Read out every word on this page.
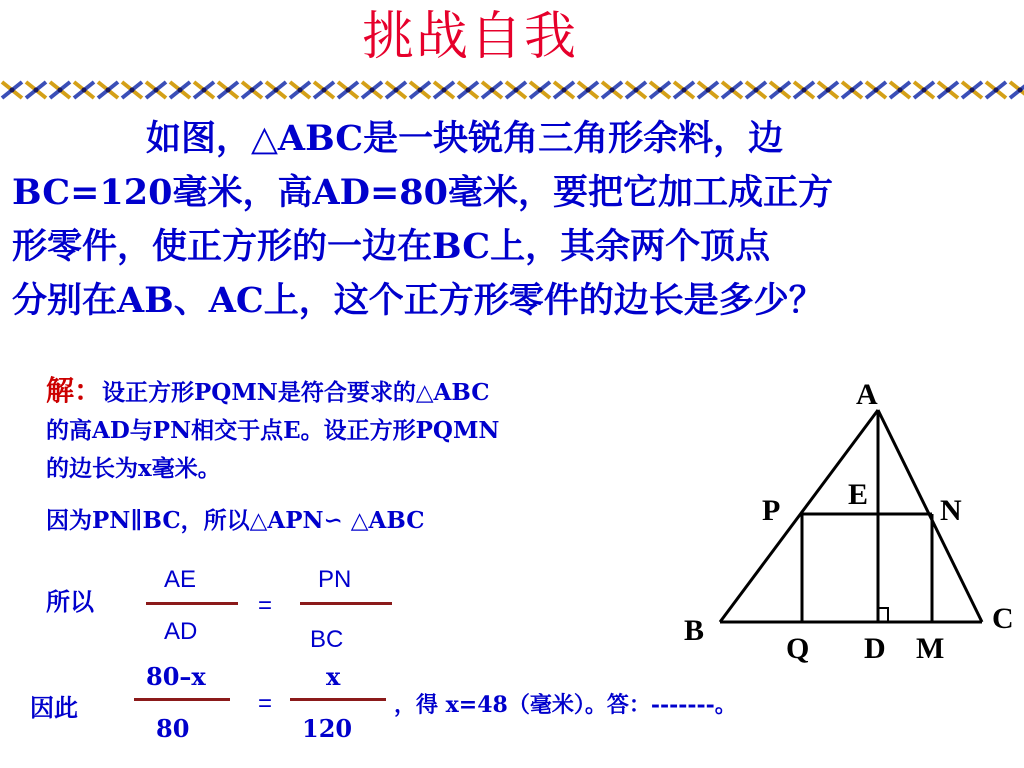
挑战自我
如图，△ABC是一块锐角三角形余料，边
BC=120毫米，高AD=80毫米，要把它加工成正方
形零件，使正方形的一边在BC上，其余两个顶点
分别在AB、AC上，这个正方形零件的边长是多少？
解：设正方形PQMN是符合要求的△ABC
的高AD与PN相交于点E。设正方形PQMN
的边长为x毫米。
因为PN∥BC，所以△APN∽ △ABC
所以
AE
AD
=
PN
BC
因此
80–x
80
=
x
120
，得 x=48（毫米）。答：-------。
A
E
P	N
B	C
Q D M
